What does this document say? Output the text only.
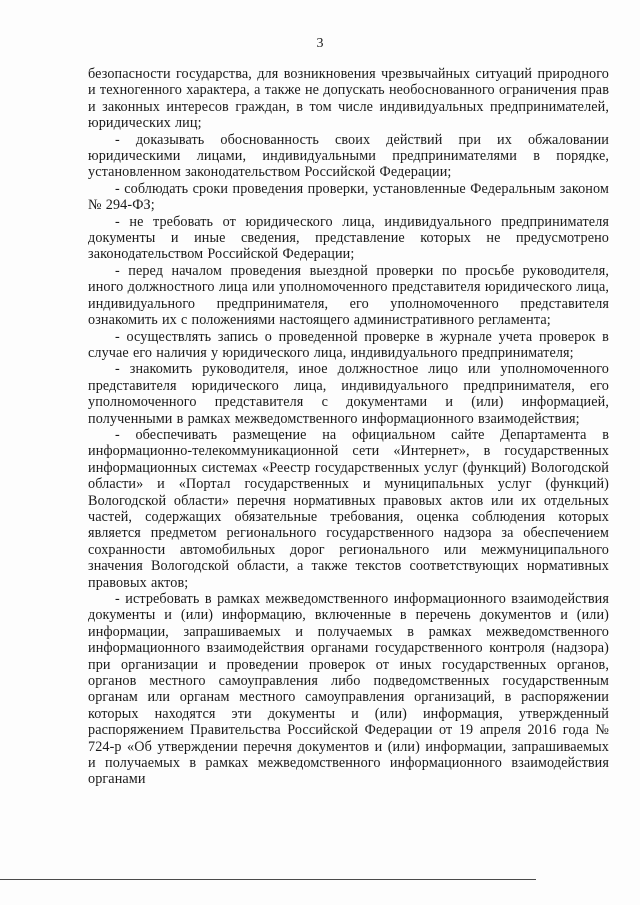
3

безопасности государства, для возникновения чрезвычайных ситуаций природного и техногенного характера, а также не допускать необоснованного ограничения прав и законных интересов граждан, в том числе индивидуальных предпринимателей, юридических лиц;

- доказывать обоснованность своих действий при их обжаловании юридическими лицами, индивидуальными предпринимателями в порядке, установленном законодательством Российской Федерации;

- соблюдать сроки проведения проверки, установленные Федеральным законом № 294-ФЗ;

- не требовать от юридического лица, индивидуального предпринимателя документы и иные сведения, представление которых не предусмотрено законодательством Российской Федерации;

- перед началом проведения выездной проверки по просьбе руководителя, иного должностного лица или уполномоченного представителя юридического лица, индивидуального предпринимателя, его уполномоченного представителя ознакомить их с положениями настоящего административного регламента;

- осуществлять запись о проведенной проверке в журнале учета проверок в случае его наличия у юридического лица, индивидуального предпринимателя;

- знакомить руководителя, иное должностное лицо или уполномоченного представителя юридического лица, индивидуального предпринимателя, его уполномоченного представителя с документами и (или) информацией, полученными в рамках межведомственного информационного взаимодействия;

- обеспечивать размещение на официальном сайте Департамента в информационно-телекоммуникационной сети «Интернет», в государственных информационных системах «Реестр государственных услуг (функций) Вологодской области» и «Портал государственных и муниципальных услуг (функций) Вологодской области» перечня нормативных правовых актов или их отдельных частей, содержащих обязательные требования, оценка соблюдения которых является предметом регионального государственного надзора за обеспечением сохранности автомобильных дорог регионального или межмуниципального значения Вологодской области, а также текстов соответствующих нормативных правовых актов;

- истребовать в рамках межведомственного информационного взаимодействия документы и (или) информацию, включенные в перечень документов и (или) информации, запрашиваемых и получаемых в рамках межведомственного информационного взаимодействия органами государственного контроля (надзора) при организации и проведении проверок от иных государственных органов, органов местного самоуправления либо подведомственных государственным органам или органам местного самоуправления организаций, в распоряжении которых находятся эти документы и (или) информация, утвержденный распоряжением Правительства Российской Федерации от 19 апреля 2016 года № 724-р «Об утверждении перечня документов и (или) информации, запрашиваемых и получаемых в рамках межведомственного информационного взаимодействия органами
